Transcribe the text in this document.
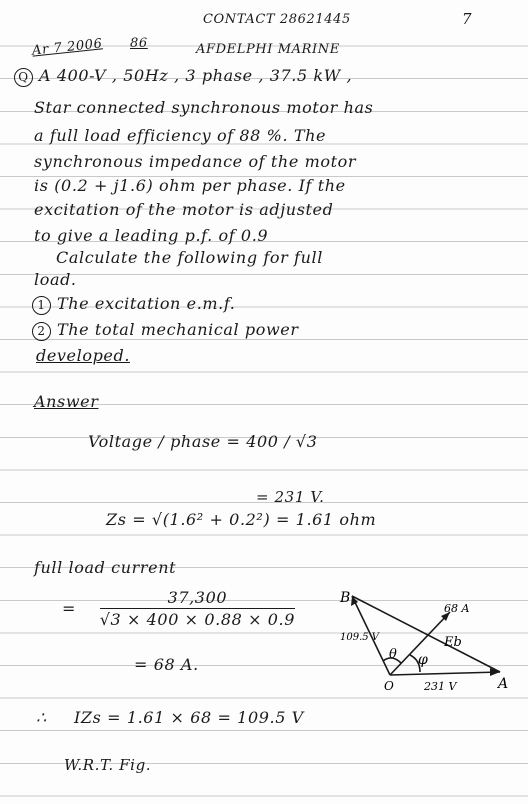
CONTACT 28621445	7
Ar 7 2006 86	AFDELPHI MARINE
Q A 400-V , 50Hz , 3 phase , 37.5 kW ,
Star connected synchronous motor has
a full load efficiency of 88 %. The
synchronous impedance of the motor
is (0.2 + j1.6) ohm per phase. If the
excitation of the motor is adjusted
to give a leading p.f. of 0.9
Calculate the following for full
load.
1 The excitation e.m.f.
2 The total mechanical power
developed.
Answer
Voltage / phase = 400 / √3
= 231 V.
Zs = √(1.6² + 0.2²) = 1.61 ohm
full load current
= $\frac{37,300}{√3 \times 400 \times 0.88 \times 0.9}$
= 68 A.
∴ IZs = 1.61 × 68 = 109.5 V
W.R.T. Fig.
B
68 A
109.5 V	Eb
θ φ
O	231 V	A
